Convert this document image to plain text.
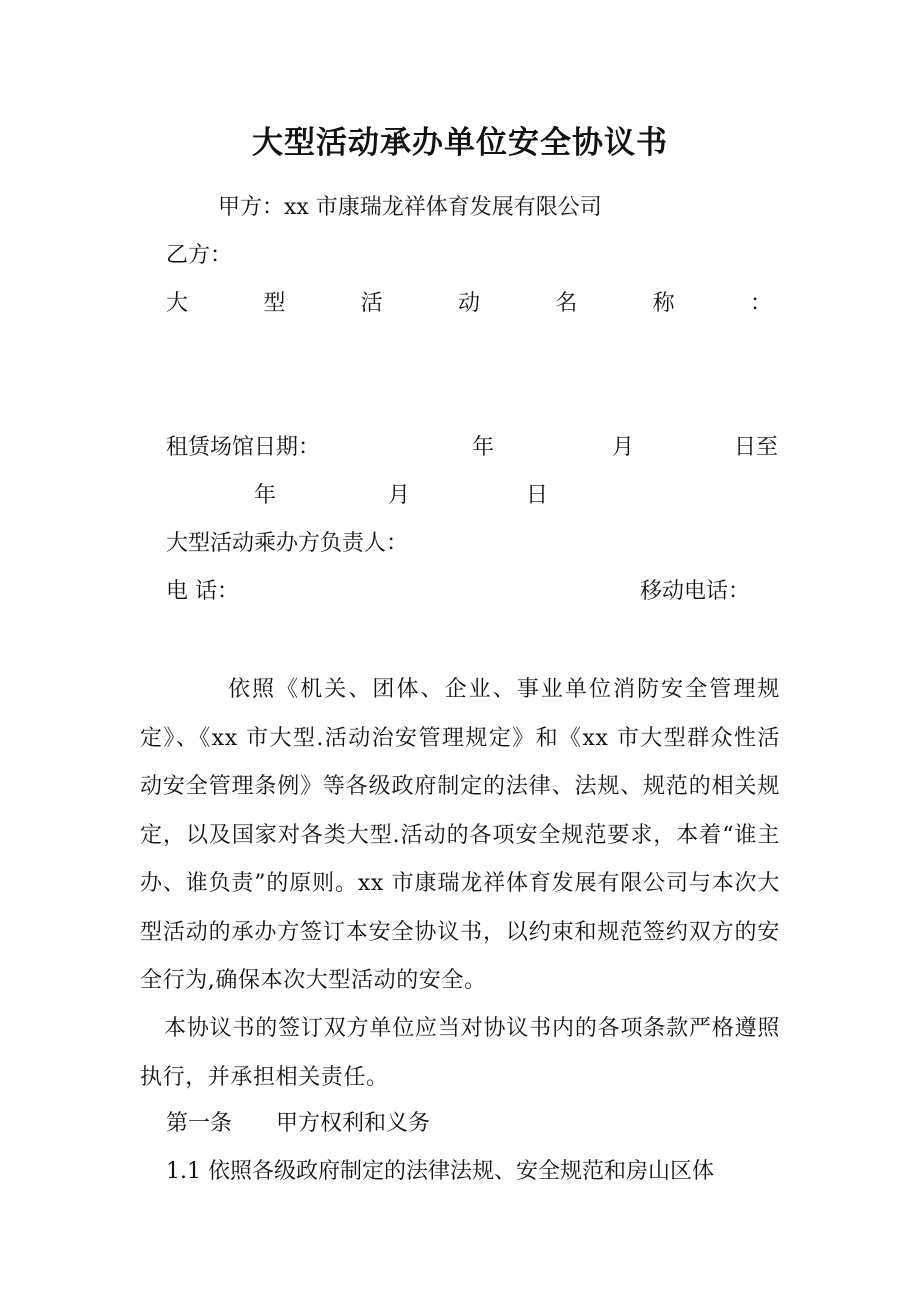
大型活动承办单位安全协议书
甲方：xx 市康瑞龙祥体育发展有限公司
乙方：
大	型	活	动	名	称	：
租赁场馆日期：	年	月	日至
年	月	日
大型活动乘办方负责人：
电 话：	移动电话：
依照《机关、团体、企业、事业单位消防安全管理规定》、《xx 市大型.活动治安管理规定》和《xx 市大型群众性活动安全管理条例》等各级政府制定的法律、法规、规范的相关规定，以及国家对各类大型.活动的各项安全规范要求，本着“谁主办、谁负责”的原则。xx 市康瑞龙祥体育发展有限公司与本次大型活动的承办方签订本安全协议书，以约束和规范签约双方的安全行为,确保本次大型活动的安全。
本协议书的签订双方单位应当对协议书内的各项条款严格遵照执行，并承担相关责任。
第一条　　甲方权利和义务
1.1 依照各级政府制定的法律法规、安全规范和房山区体
